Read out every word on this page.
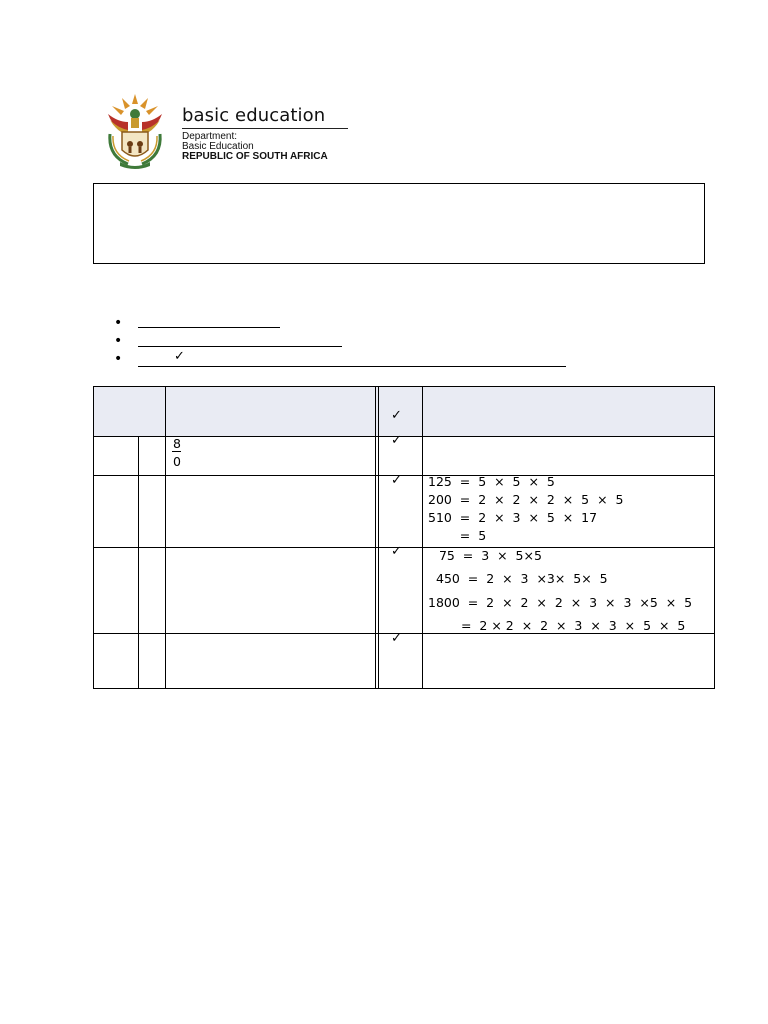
basic education
Department:
Basic Education
REPUBLIC OF SOUTH AFRICA
•
•
•	✓
✓
✓
✓
✓
✓
8
0
125  =  5  ×  5  ×  5
200  =  2  ×  2  ×  2  ×  5  ×  5
510  =  2  ×  3  ×  5  ×  17
=  5
75  =  3  ×  5×5
450  =  2  ×  3  ×3×  5×  5
1800  =  2  ×  2  ×  2  ×  3  ×  3  ×5  ×  5
=  2 × 2  ×  2  ×  3  ×  3  ×  5  ×  5
